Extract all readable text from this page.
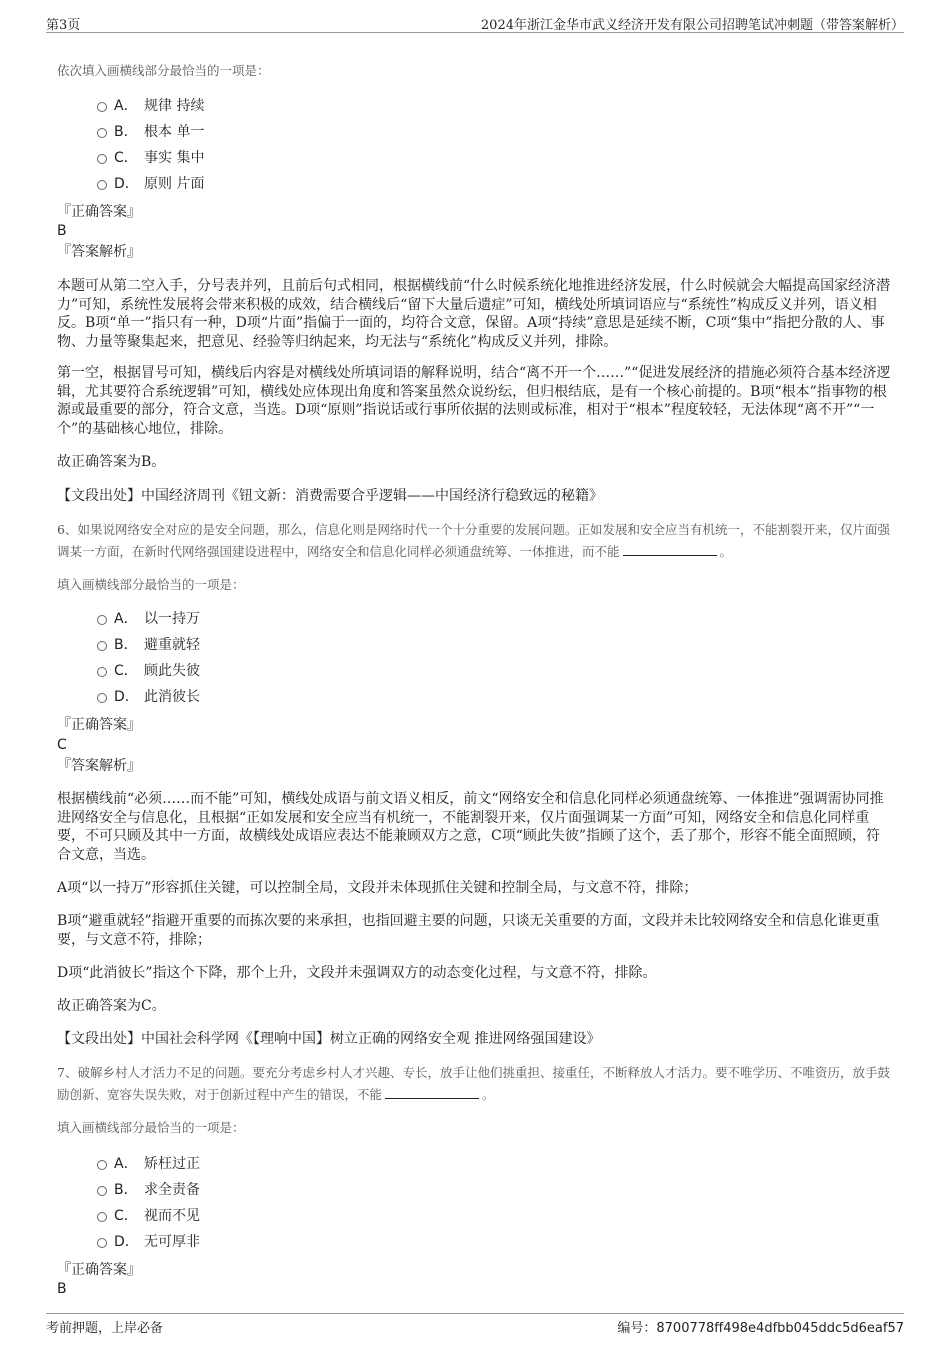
第3页	2024年浙江金华市武义经济开发有限公司招聘笔试冲刺题（带答案解析）
依次填入画横线部分最恰当的一项是：
A． 规律 持续
B． 根本 单一
C． 事实 集中
D． 原则 片面
『正确答案』
B
『答案解析』
本题可从第二空入手，分号表并列，且前后句式相同，根据横线前“什么时候系统化地推进经济发展，什么时候就会大幅提高国家经济潜力”可知，系统性发展将会带来积极的成效，结合横线后“留下大量后遗症”可知，横线处所填词语应与“系统性”构成反义并列，语义相反。B项“单一”指只有一种，D项“片面”指偏于一面的，均符合文意，保留。A项“持续”意思是延续不断，C项“集中”指把分散的人、事物、力量等聚集起来，把意见、经验等归纳起来，均无法与“系统化”构成反义并列，排除。
第一空，根据冒号可知，横线后内容是对横线处所填词语的解释说明，结合“离不开一个……”“促进发展经济的措施必须符合基本经济逻辑，尤其要符合系统逻辑”可知，横线处应体现出角度和答案虽然众说纷纭，但归根结底，是有一个核心前提的。B项“根本”指事物的根源或最重要的部分，符合文意，当选。D项“原则”指说话或行事所依据的法则或标准，相对于“根本”程度较轻，无法体现“离不开”“一个”的基础核心地位，排除。
故正确答案为B。
【文段出处】中国经济周刊《钮文新：消费需要合乎逻辑——中国经济行稳致远的秘籍》
6、如果说网络安全对应的是安全问题，那么，信息化则是网络时代一个十分重要的发展问题。正如发展和安全应当有机统一，不能割裂开来，仅片面强调某一方面，在新时代网络强国建设进程中，网络安全和信息化同样必须通盘统筹、一体推进，而不能	。
填入画横线部分最恰当的一项是：
A． 以一持万
B． 避重就轻
C． 顾此失彼
D． 此消彼长
『正确答案』
C
『答案解析』
根据横线前“必须……而不能”可知，横线处成语与前文语义相反，前文“网络安全和信息化同样必须通盘统筹、一体推进”强调需协同推进网络安全与信息化，且根据“正如发展和安全应当有机统一，不能割裂开来，仅片面强调某一方面”可知，网络安全和信息化同样重要，不可只顾及其中一方面，故横线处成语应表达不能兼顾双方之意，C项“顾此失彼”指顾了这个，丢了那个，形容不能全面照顾，符合文意，当选。
A项“以一持万”形容抓住关键，可以控制全局，文段并未体现抓住关键和控制全局，与文意不符，排除；
B项“避重就轻”指避开重要的而拣次要的来承担，也指回避主要的问题，只谈无关重要的方面，文段并未比较网络安全和信息化谁更重要，与文意不符，排除；
D项“此消彼长”指这个下降，那个上升，文段并未强调双方的动态变化过程，与文意不符，排除。
故正确答案为C。
【文段出处】中国社会科学网《【理响中国】树立正确的网络安全观 推进网络强国建设》
7、破解乡村人才活力不足的问题。要充分考虑乡村人才兴趣、专长，放手让他们挑重担、接重任，不断释放人才活力。要不唯学历、不唯资历，放手鼓励创新、宽容失误失败，对于创新过程中产生的错误，不能	。
填入画横线部分最恰当的一项是：
A． 矫枉过正
B． 求全责备
C． 视而不见
D． 无可厚非
『正确答案』
B
考前押题，上岸必备	编号：8700778ff498e4dfbb045ddc5d6eaf57
